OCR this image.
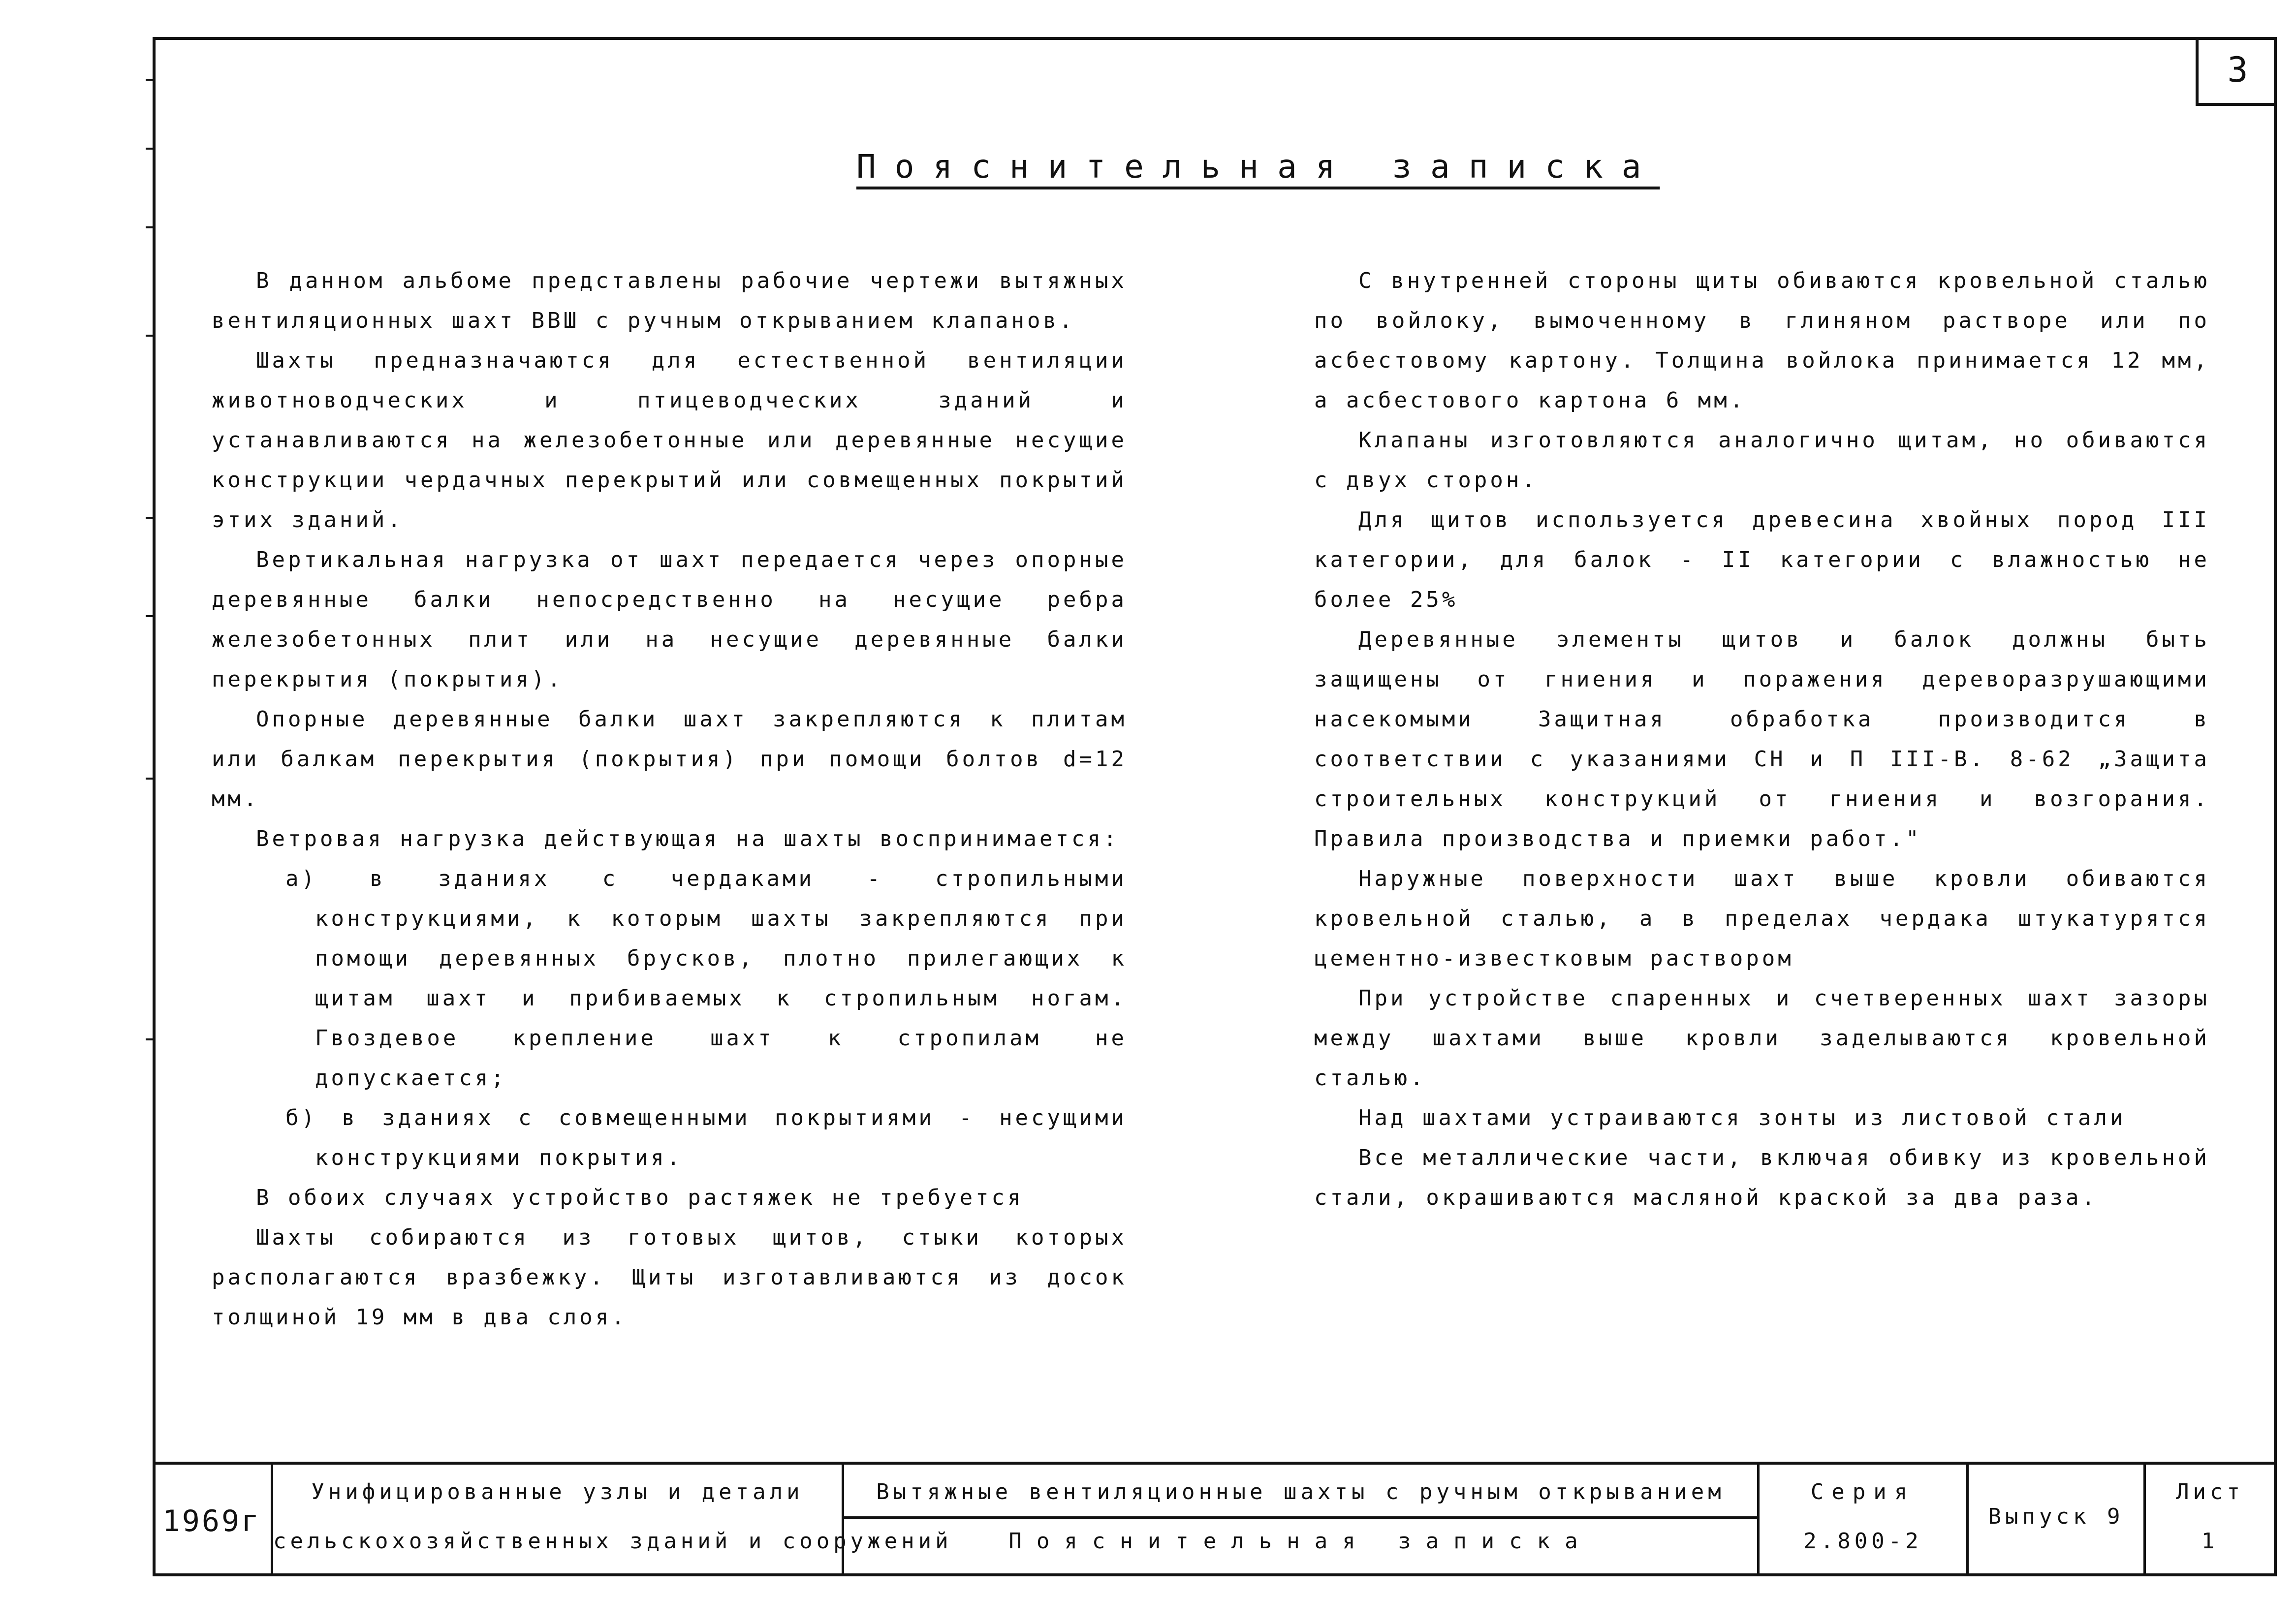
3
Пояснительная записка

В данном альбоме представлены рабочие чертежи вытяжных вентиляционных шахт ВВШ с ручным открыванием клапанов.

Шахты предназначаются для естественной вентиляции животноводческих и птицеводческих зданий и устанавливаются на железобетонные или деревянные несущие конструкции чердачных перекрытий или совмещенных покрытий этих зданий.

Вертикальная нагрузка от шахт передается через опорные деревянные балки непосредственно на несущие ребра железобетонных плит или на несущие деревянные балки перекрытия (покрытия).

Опорные деревянные балки шахт закрепляются к плитам или балкам перекрытия (покрытия) при помощи болтов d=12 мм.

Ветровая нагрузка действующая на шахты воспринимается:

а) в зданиях с чердаками - стропильными конструкциями, к которым шахты закрепляются при помощи деревянных брусков, плотно прилегающих к щитам шахт и прибиваемых к стропильным ногам. Гвоздевое крепление шахт к стропилам не допускается;

б) в зданиях с совмещенными покрытиями - несущими конструкциями покрытия.

В обоих случаях устройство растяжек не требуется

Шахты собираются из готовых щитов, стыки которых располагаются вразбежку. Щиты изготавливаются из досок толщиной 19 мм в два слоя.

С внутренней стороны щиты обиваются кровельной сталью по войлоку, вымоченному в глиняном растворе или по асбестовому картону. Толщина войлока принимается 12 мм, а асбестового картона 6 мм.

Клапаны изготовляются аналогично щитам, но обиваются с двух сторон.

Для щитов используется древесина хвойных пород III категории, для балок - II категории с влажностью не более 25%

Деревянные элементы щитов и балок должны быть защищены от гниения и поражения дереворазрушающими насекомыми Защитная обработка производится в соответствии с указаниями СН и П III-В. 8-62 „Защита строительных конструкций от гниения и возгорания. Правила производства и приемки работ."

Наружные поверхности шахт выше кровли обиваются кровельной сталью, а в пределах чердака штукатурятся цементно-известковым раствором

При устройстве спаренных и счетверенных шахт зазоры между шахтами выше кровли заделываются кровельной сталью.

Над шахтами устраиваются зонты из листовой стали

Все металлические части, включая обивку из кровельной стали, окрашиваются масляной краской за два раза.

1969г
Унифицированные узлы и детали
сельскохозяйственных зданий и сооружений
Вытяжные вентиляционные шахты с ручным открыванием
Пояснительная записка
Серия
2.800-2
Выпуск 9
Лист
1
